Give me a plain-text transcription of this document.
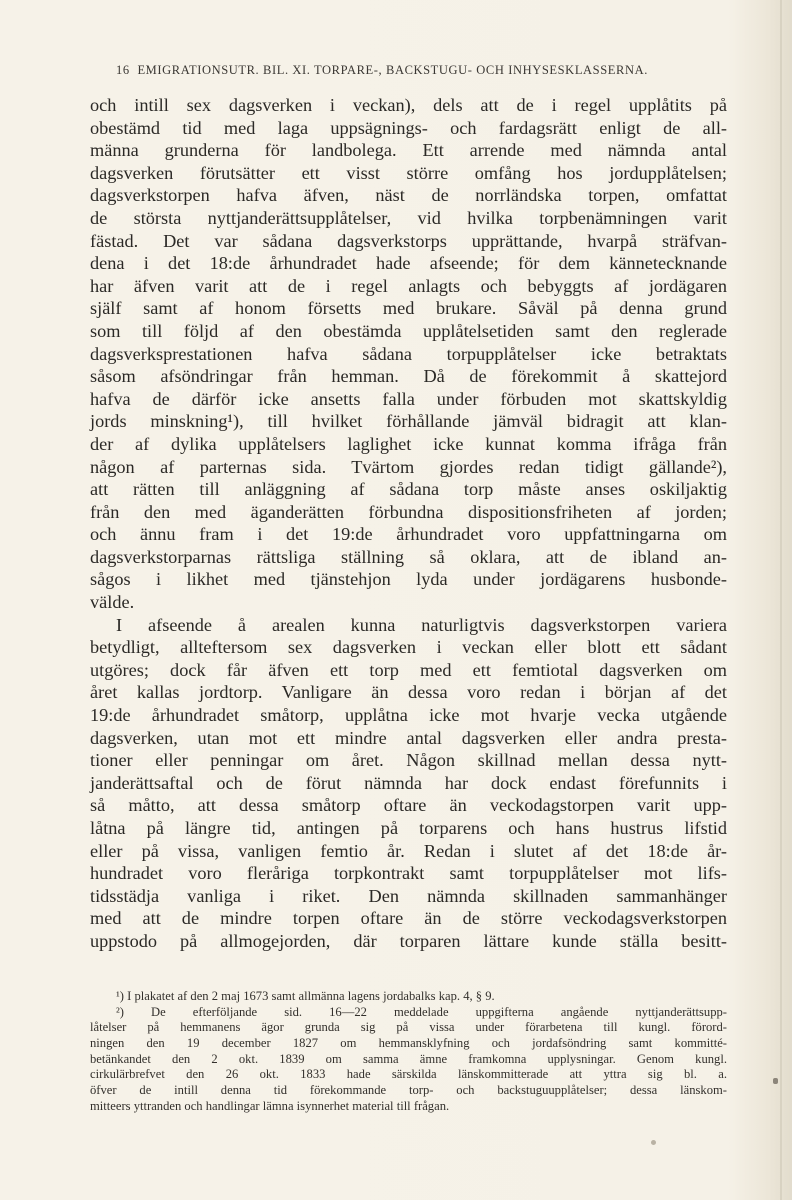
16 EMIGRATIONSUTR. BIL. XI. TORPARE-, BACKSTUGU- OCH INHYSESKLASSERNA.
och intill sex dagsverken i veckan), dels att de i regel upplåtits på
obestämd tid med laga uppsägnings- och fardagsrätt enligt de all-
männa grunderna för landbolega. Ett arrende med nämnda antal
dagsverken förutsätter ett visst större omfång hos jordupplåtelsen;
dagsverkstorpen hafva äfven, näst de norrländska torpen, omfattat
de största nyttjanderättsupplåtelser, vid hvilka torpbenämningen varit
fästad. Det var sådana dagsverkstorps upprättande, hvarpå sträfvan-
dena i det 18:de århundradet hade afseende; för dem kännetecknande
har äfven varit att de i regel anlagts och bebyggts af jordägaren
själf samt af honom försetts med brukare. Såväl på denna grund
som till följd af den obestämda upplåtelsetiden samt den reglerade
dagsverksprestationen hafva sådana torpupplåtelser icke betraktats
såsom afsöndringar från hemman. Då de förekommit å skattejord
hafva de därför icke ansetts falla under förbuden mot skattskyldig
jords minskning¹), till hvilket förhållande jämväl bidragit att klan-
der af dylika upplåtelsers laglighet icke kunnat komma ifråga från
någon af parternas sida. Tvärtom gjordes redan tidigt gällande²),
att rätten till anläggning af sådana torp måste anses oskiljaktig
från den med äganderätten förbundna dispositionsfriheten af jorden;
och ännu fram i det 19:de århundradet voro uppfattningarna om
dagsverkstorparnas rättsliga ställning så oklara, att de ibland an-
sågos i likhet med tjänstehjon lyda under jordägarens husbonde-
välde.
I afseende å arealen kunna naturligtvis dagsverkstorpen variera
betydligt, allteftersom sex dagsverken i veckan eller blott ett sådant
utgöres; dock får äfven ett torp med ett femtiotal dagsverken om
året kallas jordtorp. Vanligare än dessa voro redan i början af det
19:de århundradet småtorp, upplåtna icke mot hvarje vecka utgående
dagsverken, utan mot ett mindre antal dagsverken eller andra presta-
tioner eller penningar om året. Någon skillnad mellan dessa nytt-
janderättsaftal och de förut nämnda har dock endast förefunnits i
så måtto, att dessa småtorp oftare än veckodagstorpen varit upp-
låtna på längre tid, antingen på torparens och hans hustrus lifstid
eller på vissa, vanligen femtio år. Redan i slutet af det 18:de år-
hundradet voro fleråriga torpkontrakt samt torpupplåtelser mot lifs-
tidsstädja vanliga i riket. Den nämnda skillnaden sammanhänger
med att de mindre torpen oftare än de större veckodagsverkstorpen
uppstodo på allmogejorden, där torparen lättare kunde ställa besitt-
¹) I plakatet af den 2 maj 1673 samt allmänna lagens jordabalks kap. 4, § 9.
²) De efterföljande sid. 16—22 meddelade uppgifterna angående nyttjanderättsupp-
låtelser på hemmanens ägor grunda sig på vissa under förarbetena till kungl. förord-
ningen den 19 december 1827 om hemmansklyfning och jordafsöndring samt kommitté-
betänkandet den 2 okt. 1839 om samma ämne framkomna upplysningar. Genom kungl.
cirkulärbrefvet den 26 okt. 1833 hade särskilda länskommitterade att yttra sig bl. a.
öfver de intill denna tid förekommande torp- och backstuguupplåtelser; dessa länskom-
mitteers yttranden och handlingar lämna isynnerhet material till frågan.
